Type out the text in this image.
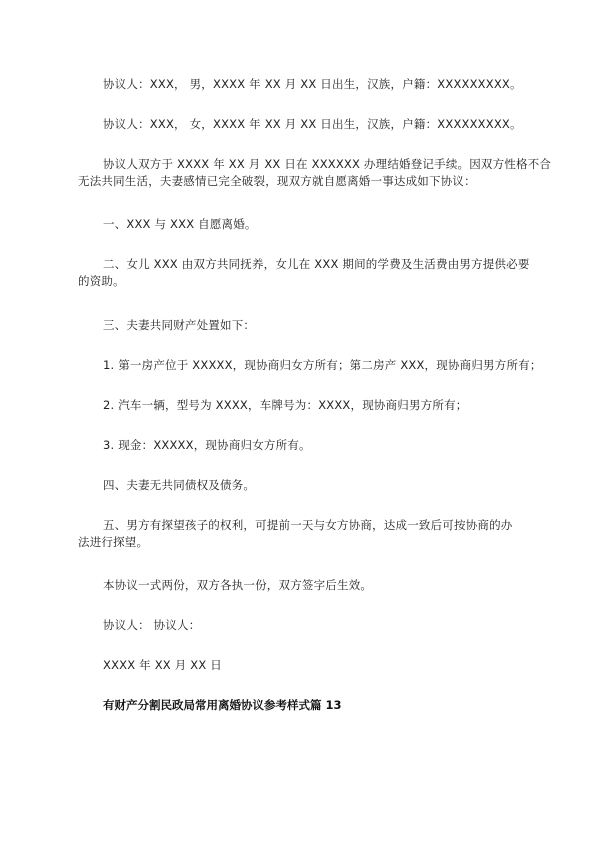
协议人：XXX， 男，XXXX 年 XX 月 XX 日出生，汉族，户籍：XXXXXXXXX。

协议人：XXX， 女，XXXX 年 XX 月 XX 日出生，汉族，户籍：XXXXXXXXX。

协议人双方于 XXXX 年 XX 月 XX 日在 XXXXXX 办理结婚登记手续。因双方性格不合
无法共同生活，夫妻感情已完全破裂，现双方就自愿离婚一事达成如下协议：

一、XXX 与 XXX 自愿离婚。

二、女儿 XXX 由双方共同抚养，女儿在 XXX 期间的学费及生活费由男方提供必要
的资助。

三、夫妻共同财产处置如下：

1. 第一房产位于 XXXXX，现协商归女方所有；第二房产 XXX，现协商归男方所有；

2. 汽车一辆，型号为 XXXX，车牌号为：XXXX，现协商归男方所有；

3. 现金：XXXXX，现协商归女方所有。

四、夫妻无共同债权及债务。

五、男方有探望孩子的权利，可提前一天与女方协商，达成一致后可按协商的办
法进行探望。

本协议一式两份，双方各执一份，双方签字后生效。

协议人： 协议人：

XXXX 年 XX 月 XX 日

有财产分割民政局常用离婚协议参考样式篇 13
